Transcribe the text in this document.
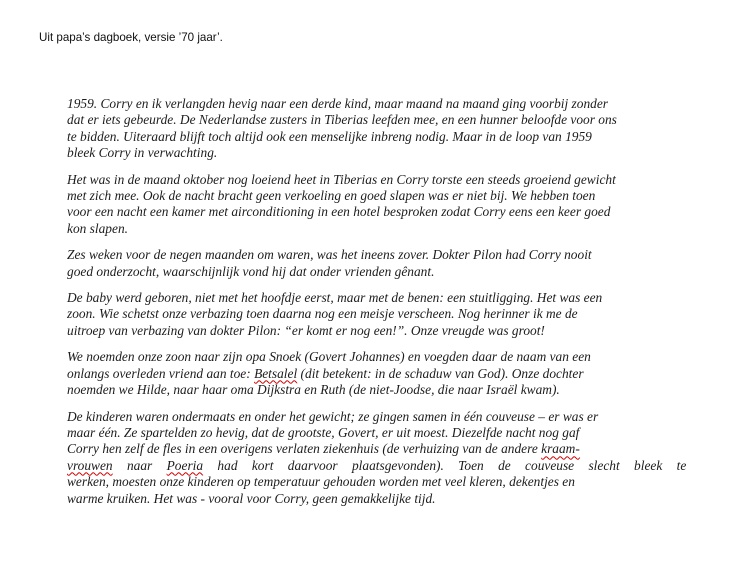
Uit papa’s dagboek, versie ’70 jaar’.
1959. Corry en ik verlangden hevig naar een derde kind, maar maand na maand ging voorbij zonder
dat er iets gebeurde. De Nederlandse zusters in Tiberias leefden mee, en een hunner beloofde voor ons
te bidden. Uiteraard blijft toch altijd ook een menselijke inbreng nodig. Maar in de loop van 1959
bleek Corry in verwachting.
Het was in de maand oktober nog loeiend heet in Tiberias en Corry torste een steeds groeiend gewicht
met zich mee. Ook de nacht bracht geen verkoeling en goed slapen was er niet bij. We hebben toen
voor een nacht een kamer met airconditioning in een hotel besproken zodat Corry eens een keer goed
kon slapen.
Zes weken voor de negen maanden om waren, was het ineens zover. Dokter Pilon had Corry nooit
goed onderzocht, waarschijnlijk vond hij dat onder vrienden gênant.
De baby werd geboren, niet met het hoofdje eerst, maar met de benen: een stuitligging. Het was een
zoon. Wie schetst onze verbazing toen daarna nog een meisje verscheen. Nog herinner ik me de
uitroep van verbazing van dokter Pilon: “er komt er nog een!”. Onze vreugde was groot!
We noemden onze zoon naar zijn opa Snoek (Govert Johannes) en voegden daar de naam van een
onlangs overleden vriend aan toe: Betsalel (dit betekent: in de schaduw van God). Onze dochter
noemden we Hilde, naar haar oma Dijkstra en Ruth (de niet-Joodse, die naar Israël kwam).
De kinderen waren ondermaats en onder het gewicht; ze gingen samen in één couveuse – er was er
maar één. Ze spartelden zo hevig, dat de grootste, Govert, er uit moest. Diezelfde nacht nog gaf
Corry hen zelf de fles in een overigens verlaten ziekenhuis (de verhuizing van de andere kraam-
vrouwen naar Poeria had kort daarvoor plaatsgevonden). Toen de couveuse slecht bleek te
werken, moesten onze kinderen op temperatuur gehouden worden met veel kleren, dekentjes en
warme kruiken. Het was - vooral voor Corry, geen gemakkelijke tijd.
